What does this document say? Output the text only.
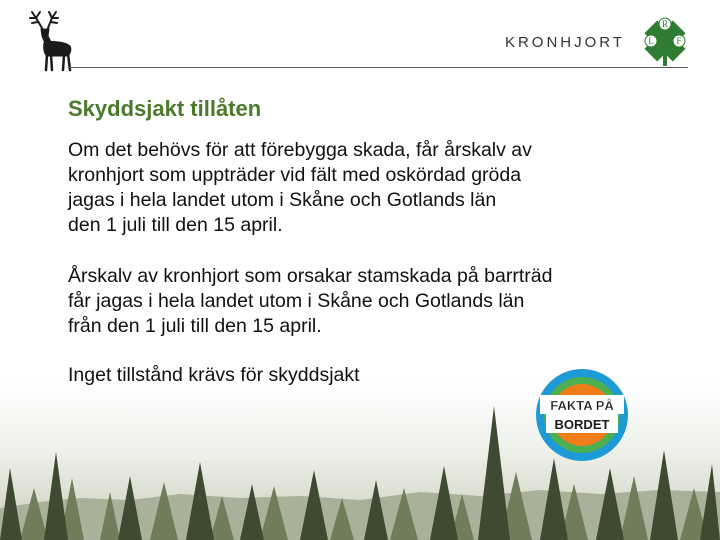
KRONHJORT
R
L	F
Skyddsjakt tillåten
Om det behövs för att förebygga skada, får årskalv av
kronhjort som uppträder vid fält med oskördad gröda
jagas i hela landet utom i Skåne och Gotlands län
den 1 juli till den 15 april.
Årskalv av kronhjort som orsakar stamskada på barrträd
får jagas i hela landet utom i Skåne och Gotlands län
från den 1 juli till den 15 april.
Inget tillstånd krävs för skyddsjakt
FAKTA PÅ
BORDET
